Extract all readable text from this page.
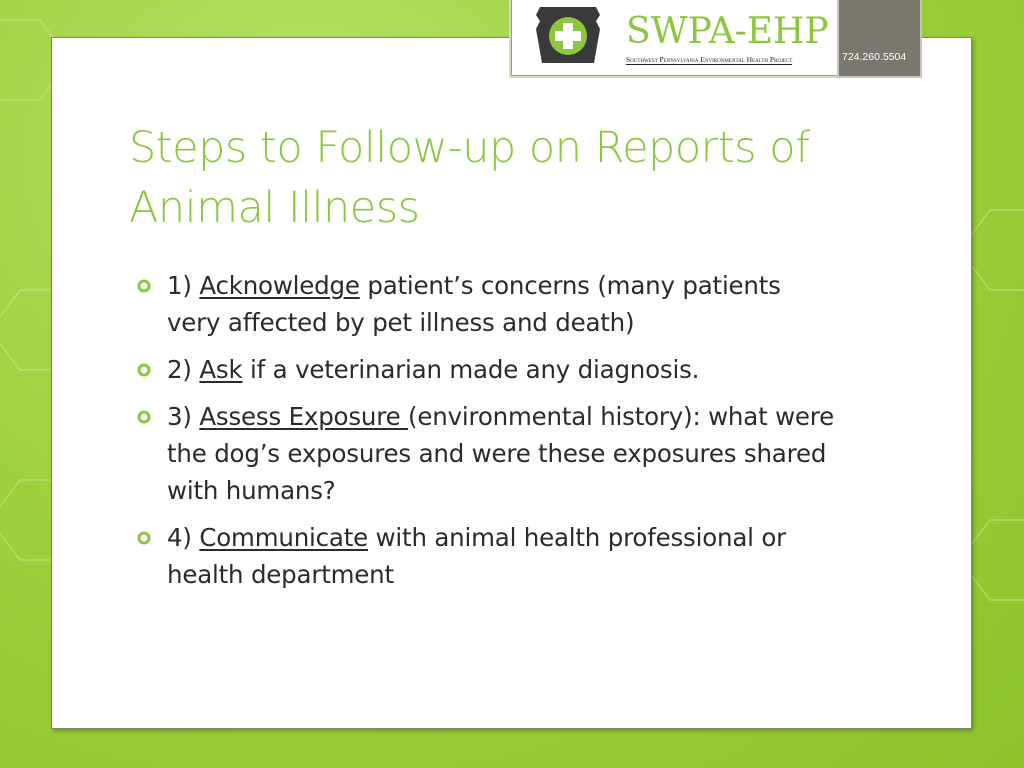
Steps to Follow-up on Reports of Animal Illness
1) Acknowledge patient’s concerns (many patients very affected by pet illness and death)
2) Ask if a veterinarian made any diagnosis.
3) Assess Exposure (environmental history): what were the dog’s exposures and were these exposures shared with humans?
4) Communicate with animal health professional or health department
SWPA-EHP
Southwest Pennsylvania Environmental Health Project	724.260.5504
